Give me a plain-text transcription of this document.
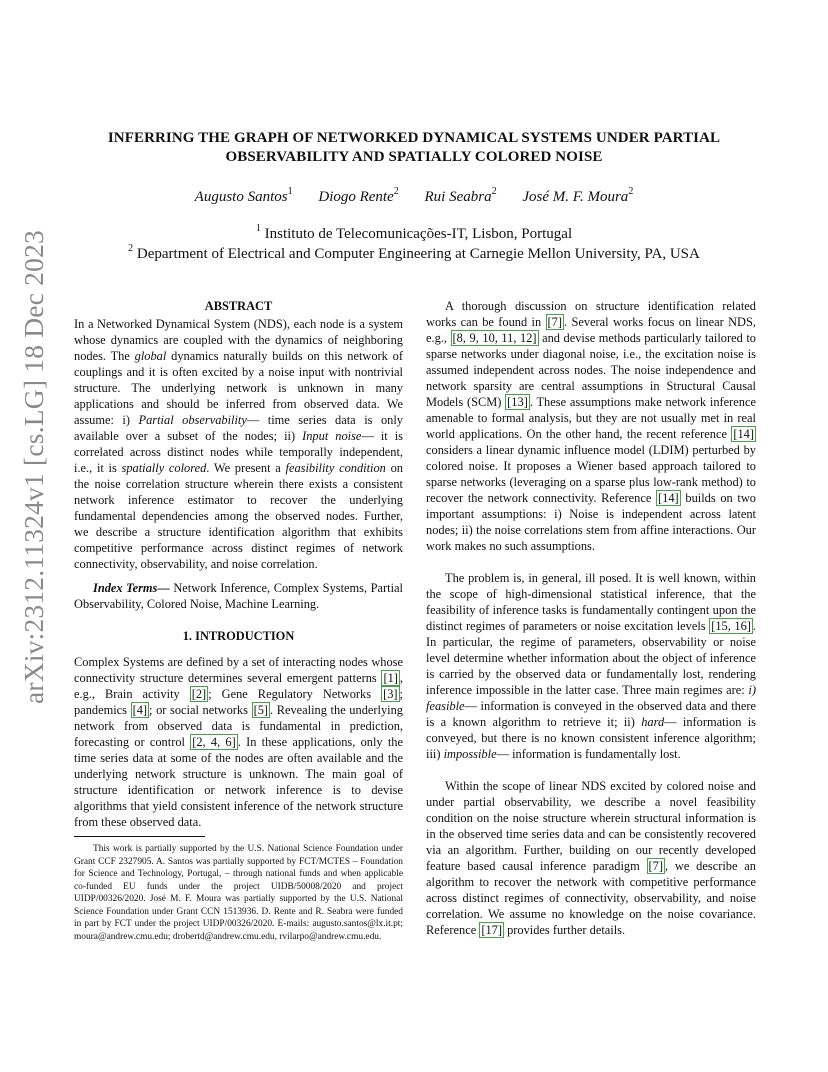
arXiv:2312.11324v1 [cs.LG] 18 Dec 2023
INFERRING THE GRAPH OF NETWORKED DYNAMICAL SYSTEMS UNDER PARTIAL
OBSERVABILITY AND SPATIALLY COLORED NOISE
Augusto Santos$^1$ Diogo Rente$^2$ Rui Seabra$^2$ José M. F. Moura$^2$
$^1$ Instituto de Telecomunicações-IT, Lisbon, Portugal
$^2$ Department of Electrical and Computer Engineering at Carnegie Mellon University, PA, USA
ABSTRACT

In a Networked Dynamical System (NDS), each node is a system whose dynamics are coupled with the dynamics of neighboring nodes. The global dynamics naturally builds on this network of couplings and it is often excited by a noise input with nontrivial structure. The underlying network is unknown in many applications and should be inferred from observed data. We assume: i) Partial observability— time series data is only available over a subset of the nodes; ii) Input noise— it is correlated across distinct nodes while temporally independent, i.e., it is spatially colored. We present a feasibility condition on the noise correlation structure wherein there exists a consistent network inference estimator to recover the underlying fundamental dependencies among the observed nodes. Further, we describe a structure identification algorithm that exhibits competitive performance across distinct regimes of network connectivity, observability, and noise correlation.

Index Terms— Network Inference, Complex Systems, Partial Observability, Colored Noise, Machine Learning.

1. INTRODUCTION

Complex Systems are defined by a set of interacting nodes whose connectivity structure determines several emergent patterns [1] , e.g., Brain activity [2] ; Gene Regulatory Networks [3] ; pandemics [4] ; or social networks [5] . Revealing the underlying network from observed data is fundamental in prediction, forecasting or control [2, 4, 6] . In these applications, only the time series data at some of the nodes are often available and the underlying network structure is unknown. The main goal of structure identification or network inference is to devise algorithms that yield consistent inference of the network structure from these observed data.

This work is partially supported by the U.S. National Science Foundation under Grant CCF 2327905. A. Santos was partially supported by FCT/MCTES – Foundation for Science and Technology, Portugal, – through national funds and when applicable co-funded EU funds under the project UIDB/50008/2020 and project UIDP/00326/2020. José M. F. Moura was partially supported by the U.S. National Science Foundation under Grant CCN 1513936. D. Rente and R. Seabra were funded in part by FCT under the project UIDP/00326/2020. E-mails: augusto.santos@lx.it.pt; moura@andrew.cmu.edu; drobertd@andrew.cmu.edu, rvilarpo@andrew.cmu.edu.

A thorough discussion on structure identification related works can be found in [7] . Several works focus on linear NDS, e.g., [8, 9, 10, 11, 12] and devise methods particularly tailored to sparse networks under diagonal noise, i.e., the excitation noise is assumed independent across nodes. The noise independence and network sparsity are central assumptions in Structural Causal Models (SCM) [13] . These assumptions make network inference amenable to formal analysis, but they are not usually met in real world applications. On the other hand, the recent reference [14] considers a linear dynamic influence model (LDIM) perturbed by colored noise. It proposes a Wiener based approach tailored to sparse networks (leveraging on a sparse plus low-rank method) to recover the network connectivity. Reference [14] builds on two important assumptions: i) Noise is independent across latent nodes; ii) the noise correlations stem from affine interactions. Our work makes no such assumptions.

The problem is, in general, ill posed. It is well known, within the scope of high-dimensional statistical inference, that the feasibility of inference tasks is fundamentally contingent upon the distinct regimes of parameters or noise excitation levels [15, 16] . In particular, the regime of parameters, observability or noise level determine whether information about the object of inference is carried by the observed data or fundamentally lost, rendering inference impossible in the latter case. Three main regimes are: i) feasible— information is conveyed in the observed data and there is a known algorithm to retrieve it; ii) hard— information is conveyed, but there is no known consistent inference algorithm; iii) impossible— information is fundamentally lost.

Within the scope of linear NDS excited by colored noise and under partial observability, we describe a novel feasibility condition on the noise structure wherein structural information is in the observed time series data and can be consistently recovered via an algorithm. Further, building on our recently developed feature based causal inference paradigm [7] , we describe an algorithm to recover the network with competitive performance across distinct regimes of connectivity, observability, and noise correlation. We assume no knowledge on the noise covariance. Reference [17] provides further details.
